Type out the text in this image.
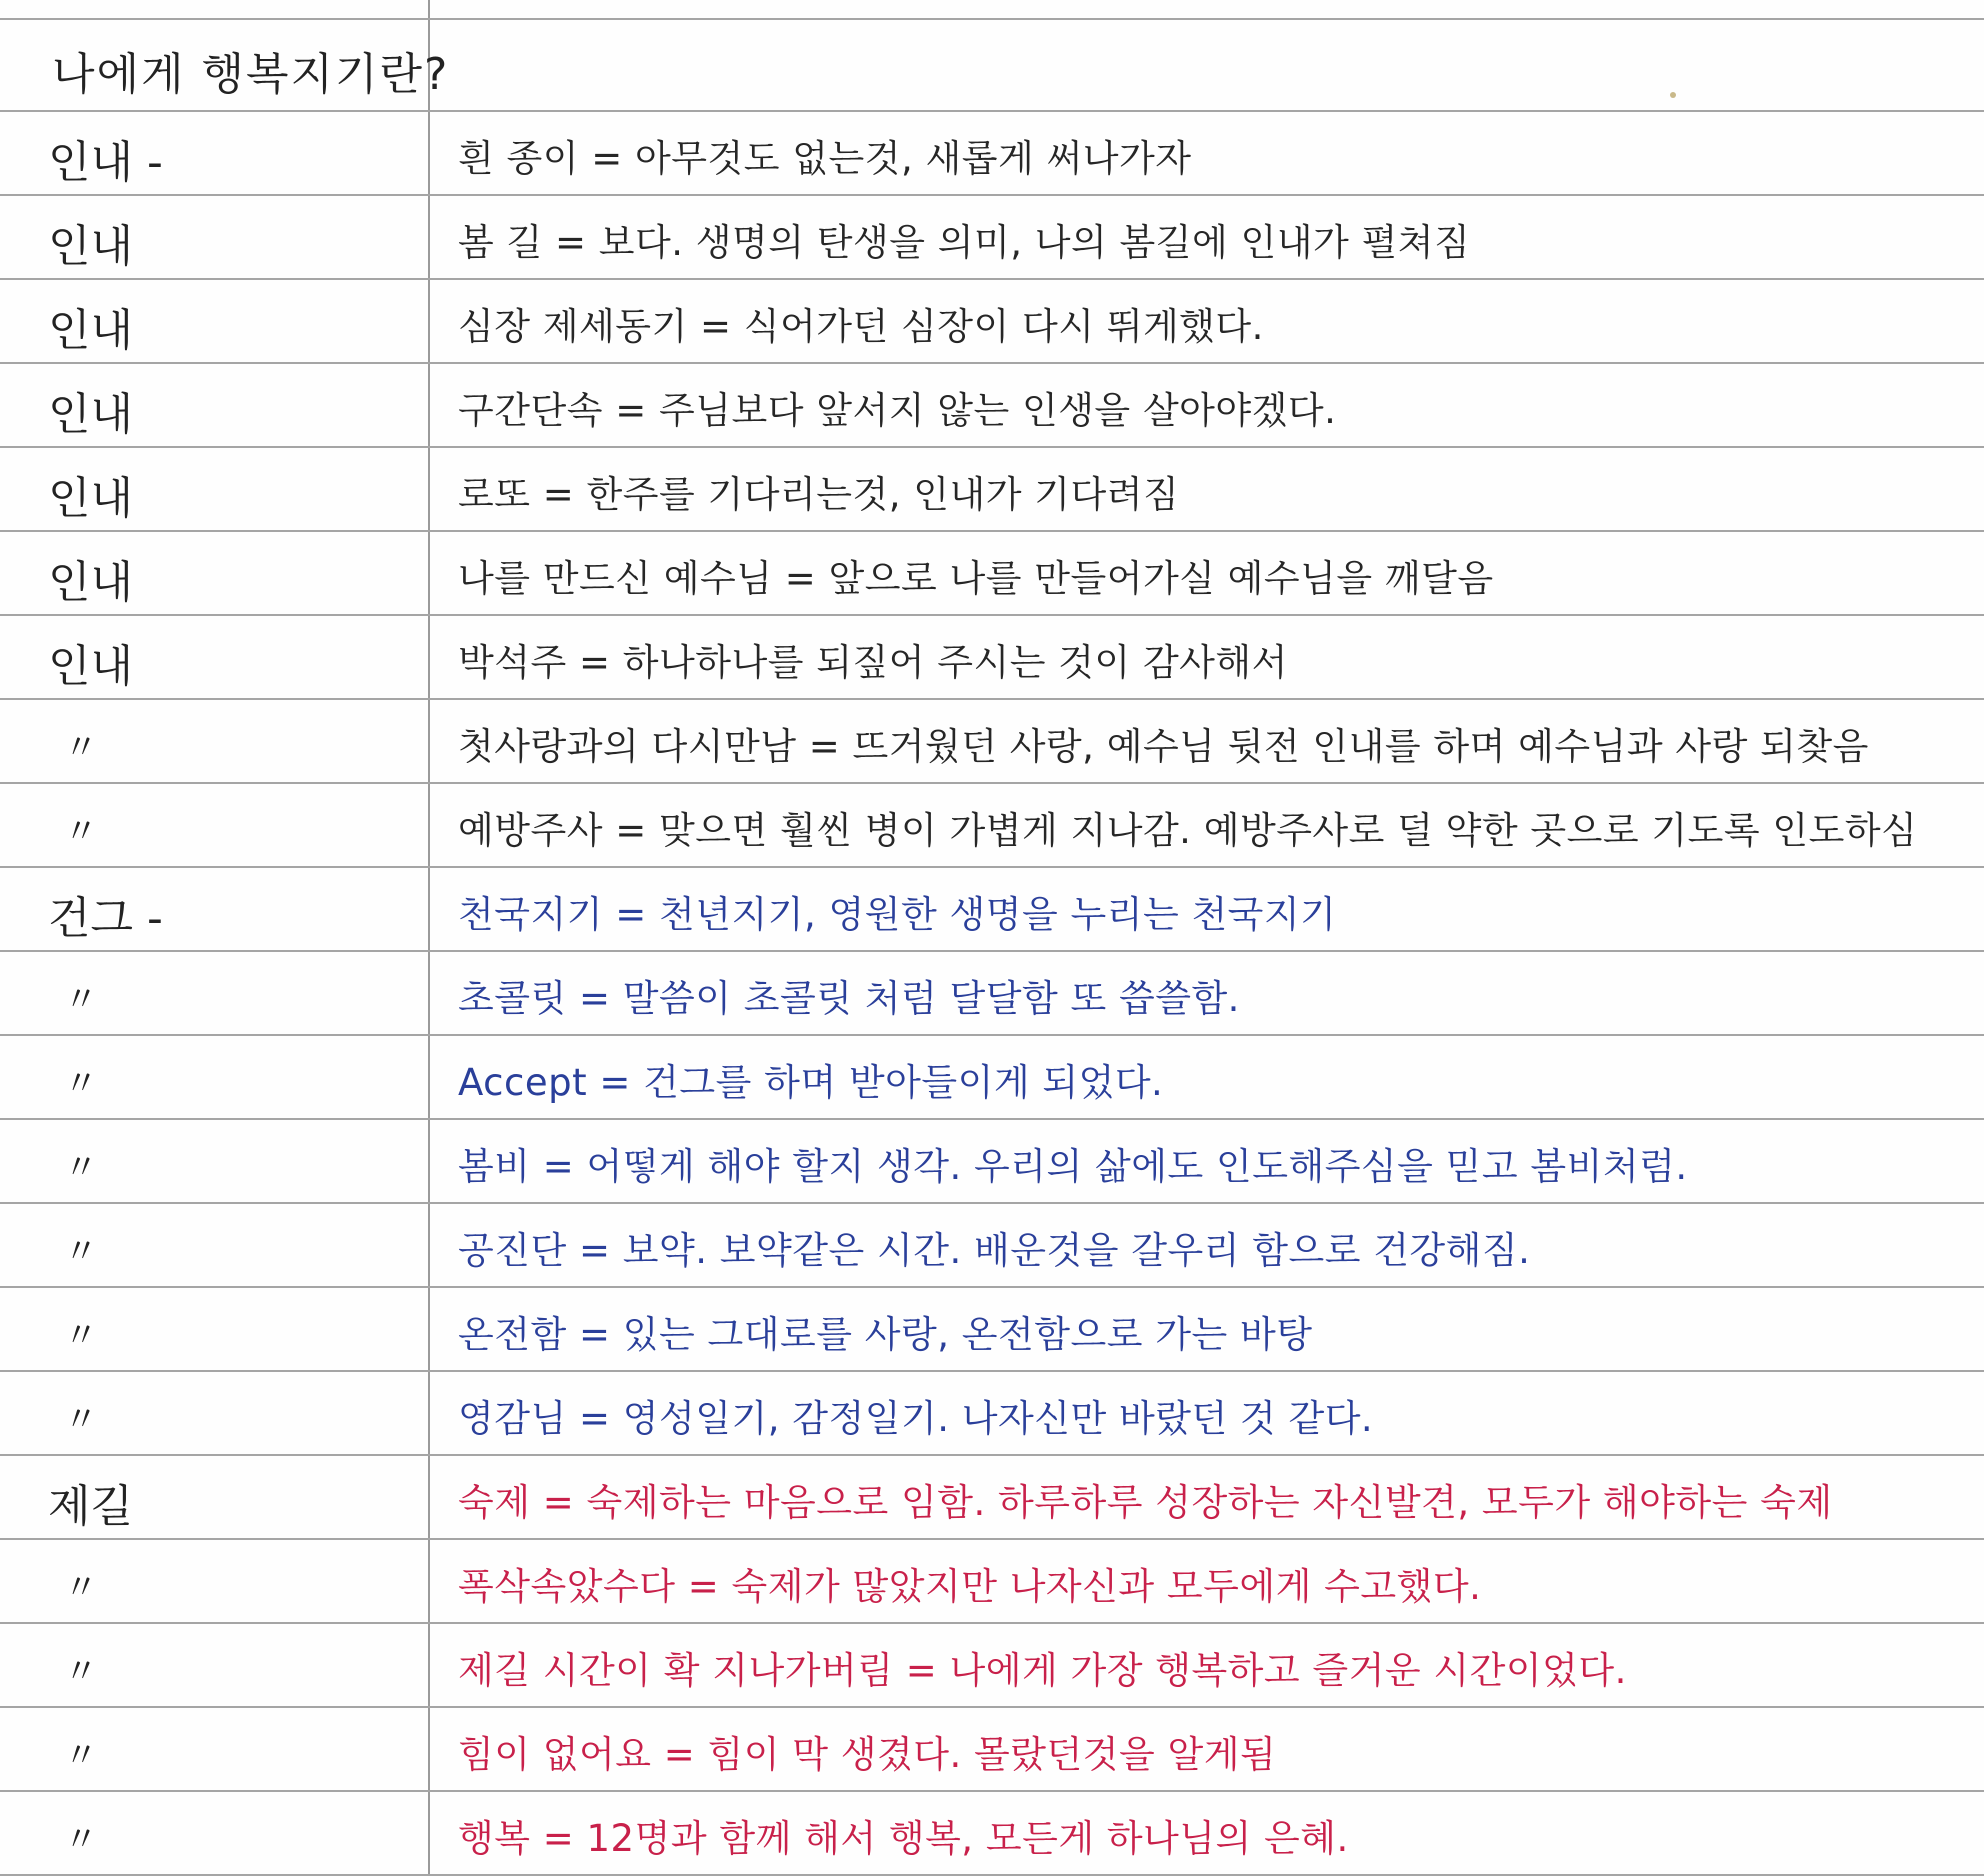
나에게 행복지기란?
인내 -	흰 종이 = 아무것도 없는것, 새롭게 써나가자
인내	봄 길 = 보다. 생명의 탄생을 의미, 나의 봄길에 인내가 펼쳐짐
인내	심장 제세동기 = 식어가던 심장이 다시 뛰게했다.
인내	구간단속 = 주님보다 앞서지 않는 인생을 살아야겠다.
인내	로또 = 한주를 기다리는것, 인내가 기다려짐
인내	나를 만드신 예수님 = 앞으로 나를 만들어가실 예수님을 깨달음
인내	박석주 = 하나하나를 되짚어 주시는 것이 감사해서
〃	첫사랑과의 다시만남 = 뜨거웠던 사랑, 예수님 뒷전 인내를 하며 예수님과 사랑 되찾음
〃	예방주사 = 맞으면 훨씬 병이 가볍게 지나감. 예방주사로 덜 약한 곳으로 기도록 인도하심
건그 -	천국지기 = 천년지기, 영원한 생명을 누리는 천국지기
〃	초콜릿 = 말씀이 초콜릿 처럼 달달함 또 씁쓸함.
〃	Accept = 건그를 하며 받아들이게 되었다.
〃	봄비 = 어떻게 해야 할지 생각. 우리의 삶에도 인도해주심을 믿고 봄비처럼.
〃	공진단 = 보약. 보약같은 시간. 배운것을 갈우리 함으로 건강해짐.
〃	온전함 = 있는 그대로를 사랑, 온전함으로 가는 바탕
〃	영감님 = 영성일기, 감정일기. 나자신만 바랐던 것 같다.
제길	숙제 = 숙제하는 마음으로 임함. 하루하루 성장하는 자신발견, 모두가 해야하는 숙제
〃	폭삭속았수다 = 숙제가 많았지만 나자신과 모두에게 수고했다.
〃	제길 시간이 확 지나가버림 = 나에게 가장 행복하고 즐거운 시간이었다.
〃	힘이 없어요 = 힘이 막 생겼다. 몰랐던것을 알게됨
〃	행복 = 12명과 함께 해서 행복, 모든게 하나님의 은혜.
